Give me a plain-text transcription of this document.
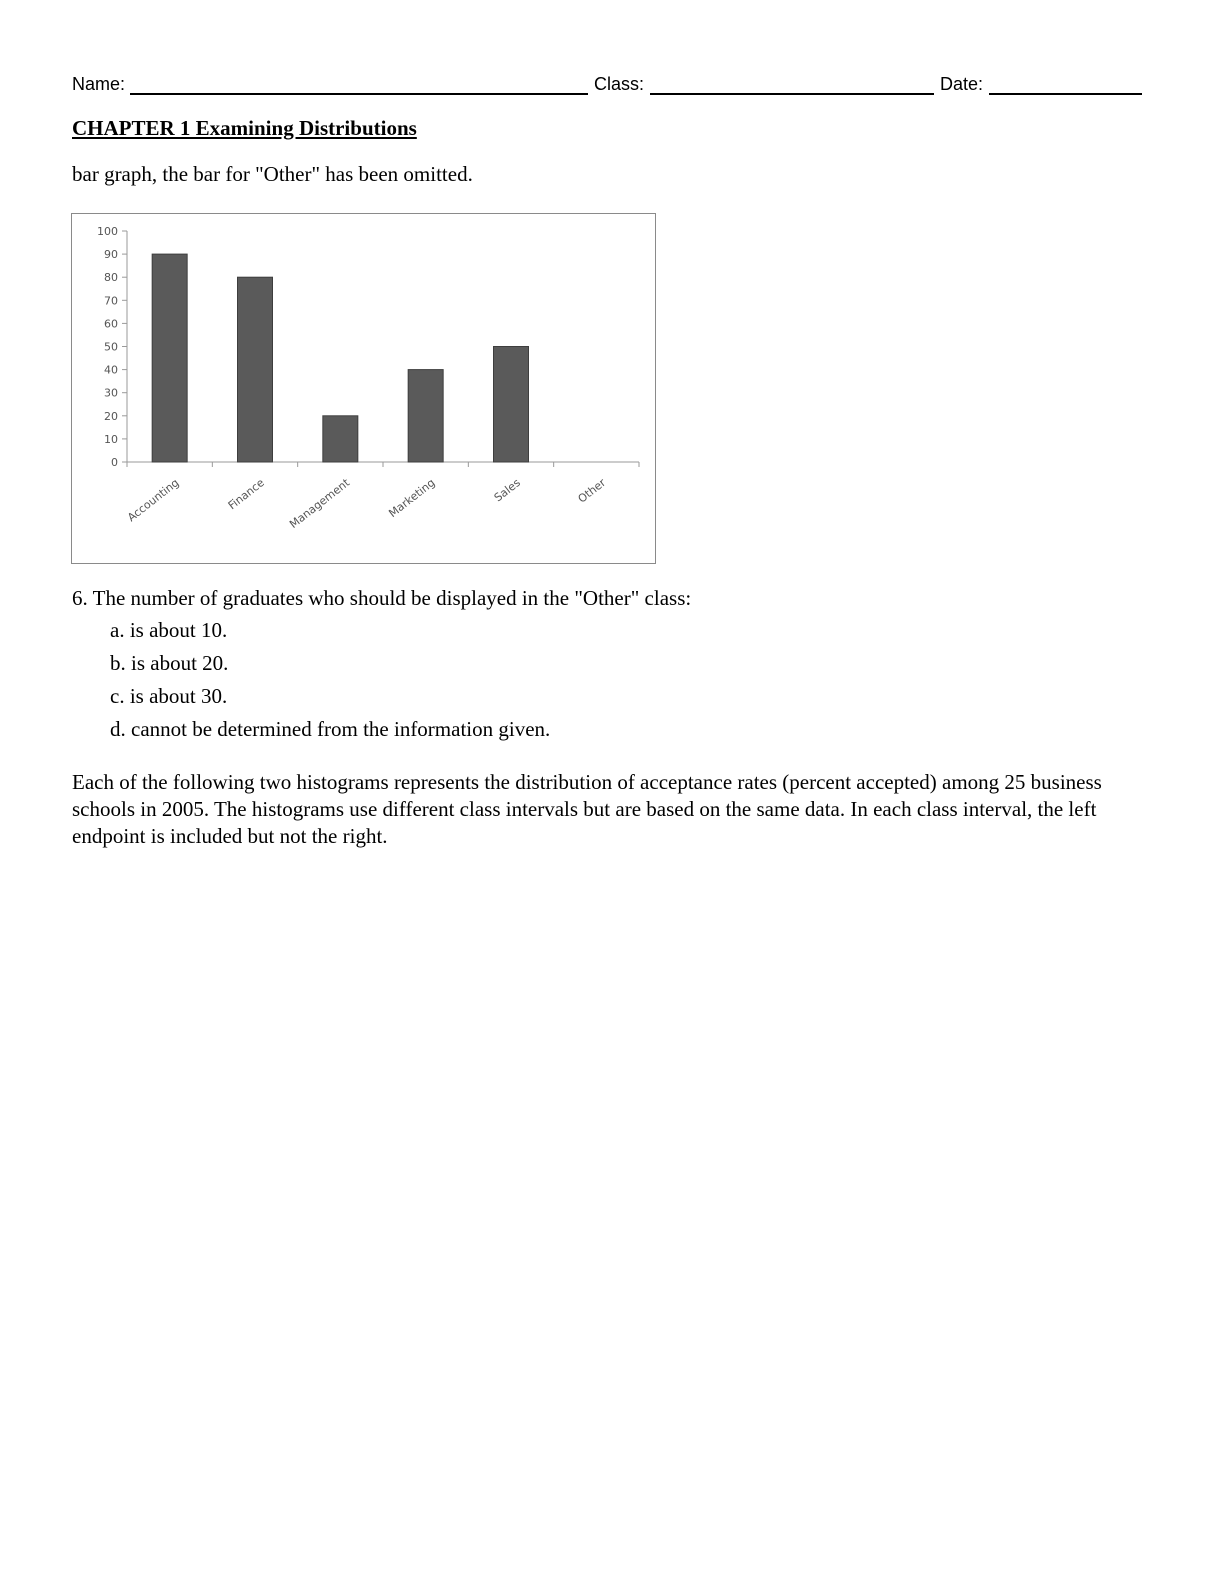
Name:	Class:	Date:
CHAPTER 1 Examining Distributions

bar graph, the bar for "Other" has been omitted.

0
10
20
30
40
50
60
70
80
90
100
Accounting	Finance Management	Marketing	Sales	Other

6. The number of graduates who should be displayed in the "Other" class:

a. is about 10.

b. is about 20.

c. is about 30.

d. cannot be determined from the information given.

Each of the following two histograms represents the distribution of acceptance rates (percent accepted) among 25 business schools in 2005. The histograms use different class intervals but are based on the same data. In each class interval, the left endpoint is included but not the right.
